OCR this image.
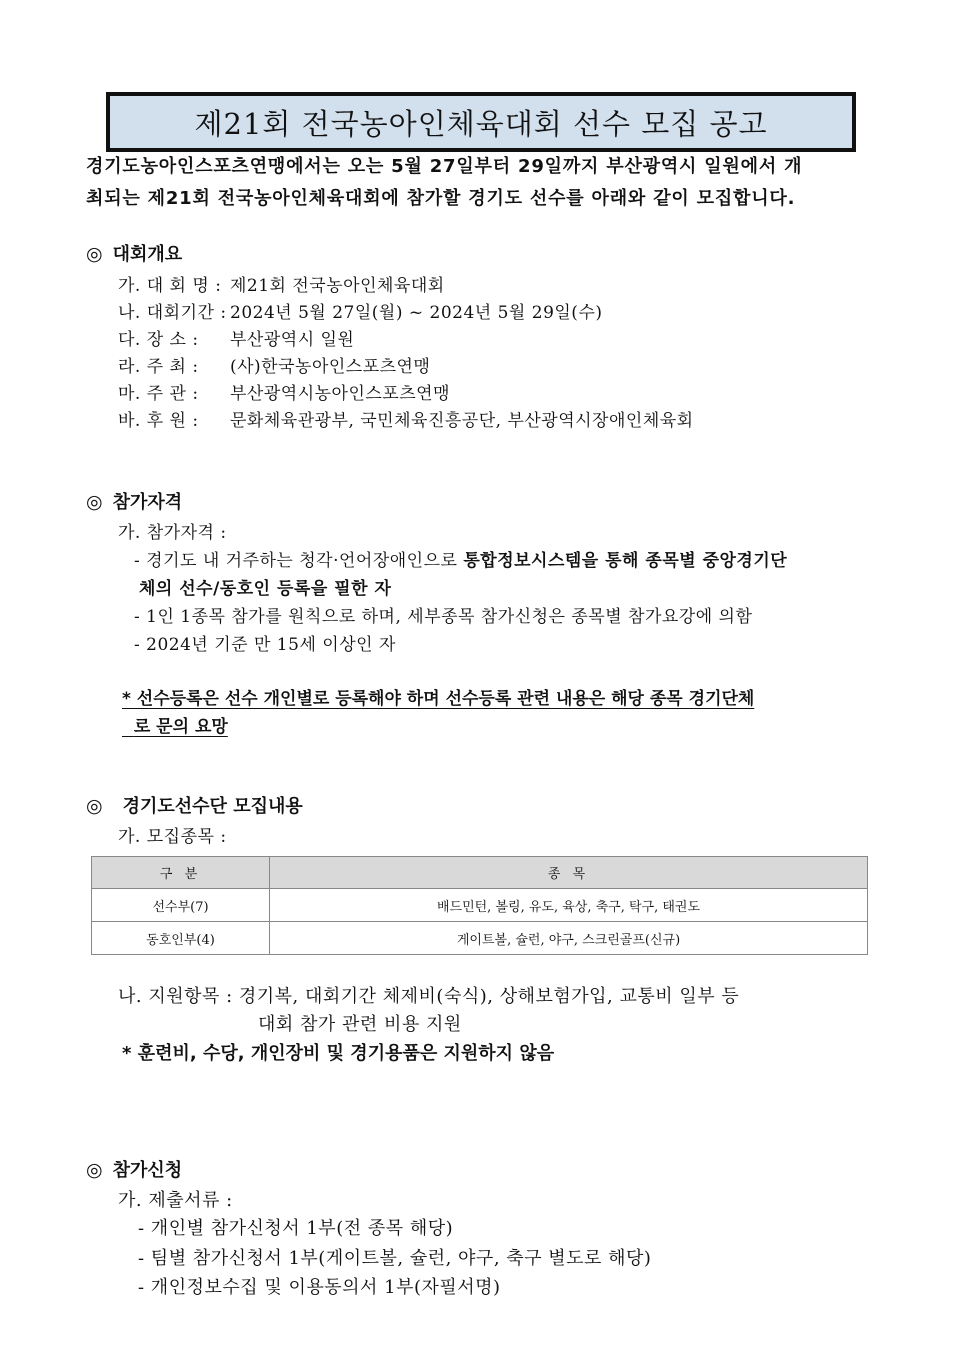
제21회 전국농아인체육대회 선수 모집 공고
경기도농아인스포츠연맹에서는 오는 5월 27일부터 29일까지 부산광역시 일원에서 개
최되는 제21회 전국농아인체육대회에 참가할 경기도 선수를 아래와 같이 모집합니다.
◎ 대회개요
가. 대 회 명 : 제21회 전국농아인체육대회
나. 대회기간 : 2024년 5월 27일(월) ~ 2024년 5월 29일(수)
다. 장 소 : 부산광역시 일원
라. 주 최 : (사)한국농아인스포츠연맹
마. 주 관 : 부산광역시농아인스포츠연맹
바. 후 원 : 문화체육관광부, 국민체육진흥공단, 부산광역시장애인체육회
◎ 참가자격
가. 참가자격 :
- 경기도 내 거주하는 청각·언어장애인으로 통합정보시스템을 통해 종목별 중앙경기단
체의 선수/동호인 등록을 필한 자
- 1인 1종목 참가를 원칙으로 하며, 세부종목 참가신청은 종목별 참가요강에 의함
- 2024년 기준 만 15세 이상인 자
* 선수등록은 선수 개인별로 등록해야 하며 선수등록 관련 내용은 해당 종목 경기단체
로 문의 요망
◎ 경기도선수단 모집내용
가. 모집종목 :
구 분	종 목
선수부(7)	배드민턴, 볼링, 유도, 육상, 축구, 탁구, 태권도
동호인부(4)	게이트볼, 슐런, 야구, 스크린골프(신규)
나. 지원항목 : 경기복, 대회기간 체제비(숙식), 상해보험가입, 교통비 일부 등
대회 참가 관련 비용 지원
* 훈련비, 수당, 개인장비 및 경기용품은 지원하지 않음
◎ 참가신청
가. 제출서류 :
- 개인별 참가신청서 1부(전 종목 해당)
- 팀별 참가신청서 1부(게이트볼, 슐런, 야구, 축구 별도로 해당)
- 개인정보수집 및 이용동의서 1부(자필서명)
